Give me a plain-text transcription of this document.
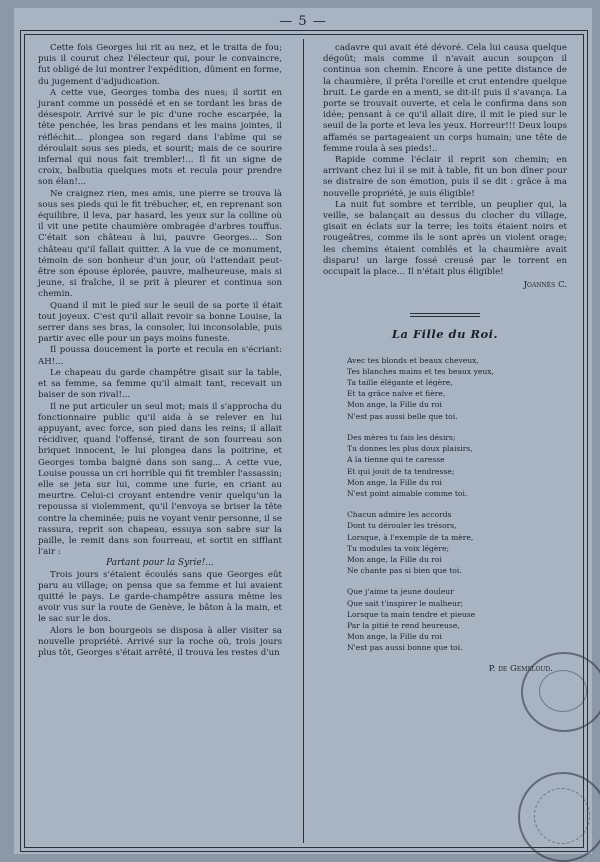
— 5 —

Cette fois Georges lui rit au nez, et le traita de fou; puis il courut chez l'électeur qui, pour le convaincre, fut obligé de lui montrer l'expédition, dûment en forme, du jugement d'adjudication.

A cette vue, Georges tomba des nues; il sortit en jurant comme un possédé et en se tordant les bras de désespoir. Arrivé sur le pic d'une roche escarpée, la tête penchée, les bras pendans et les mains jointes, il réfléchit... plongea son regard dans l'abîme qui se déroulait sous ses pieds, et sourit; mais de ce sourire infernal qui nous fait trembler!... Il fit un signe de croix, balbutia quelques mots et recula pour prendre son élan!...

Ne craignez rien, mes amis, une pierre se trouva là sous ses pieds qui le fit trébucher, et, en reprenant son équilibre, il leva, par hasard, les yeux sur la colline où il vit une petite chaumière ombragée d'arbres touffus. C'était son château à lui, pauvre Georges... Son château qu'il fallait quitter. A la vue de ce monument, témoin de son bonheur d'un jour, où l'attendait peut-être son épouse éplorée, pauvre, malheureuse, mais si jeune, si fraîche, il se prit à pleurer et continua son chemin.

Quand il mit le pied sur le seuil de sa porte il était tout joyeux. C'est qu'il allait revoir sa bonne Louise, la serrer dans ses bras, la consoler, lui inconsolable, puis partir avec elle pour un pays moins funeste.

Il poussa doucement la porte et recula en s'écriant: AH!...

Le chapeau du garde champêtre gisait sur la table, et sa femme, sa femme qu'il aimait tant, recevait un baiser de son rival!...

Il ne put articuler un seul mot; mais il s'approcha du fonctionnaire public qu'il aida à se relever en lui appuyant, avec force, son pied dans les reins; il allait récidiver, quand l'offensé, tirant de son fourreau son briquet innocent, le lui plongea dans la poitrine, et Georges tomba baigné dans son sang... A cette vue, Louise poussa un cri horrible qui fit trembler l'assassin; elle se jeta sur lui, comme une furie, en criant au meurtre. Celui-ci croyant entendre venir quelqu'un la repoussa si violemment, qu'il l'envoya se briser la tête contre la cheminée; puis ne voyant venir personne, il se rassura, reprit son chapeau, essuya son sabre sur la paille, le remit dans son fourreau, et sortit en sifflant l'air :

Partant pour la Syrie!...

Trois jours s'étaient écoulés sans que Georges eût paru au village; on pensa que sa femme et lui avaient quitté le pays. Le garde-champêtre assura même les avoir vus sur la route de Genève, le bâton à la main, et le sac sur le dos.

Alors le bon bourgeois se disposa à aller visiter sa nouvelle propriété. Arrivé sur la roche où, trois jours plus tôt, Georges s'était arrêté, il trouva les restes d'un

cadavre qui avait été dévoré. Cela lui causa quelque dégoût; mais comme il n'avait aucun soupçon il continua son chemin. Encore à une petite distance de la chaumière, il prêta l'oreille et crut entendre quelque bruit. Le garde en a menti, se dit-il! puis il s'avança. La porte se trouvait ouverte, et cela le confirma dans son idée; pensant à ce qu'il allait dire, il mit le pied sur le seuil de la porte et leva les yeux. Horreur!!! Deux loups affamés se partageaient un corps humain; une tête de femme roula à ses pieds!..

Rapide comme l'éclair il reprit son chemin; en arrivant chez lui il se mit à table, fit un bon dîner pour se distraire de son émotion, puis il se dit : grâce à ma nouvelle propriété, je suis éligible!

La nuit fut sombre et terrible, un peuplier qui, la veille, se balançait au dessus du clocher du village, gisait en éclats sur la terre; les toits étaient noirs et rougeâtres, comme ils le sont après un violent orage; les chemins étaient comblés et la chaumière avait disparu! un large fossé creusé par le torrent en occupait la place... Il n'était plus éligible!

Joannès C.

La Fille du Roi.
Avec tes blonds et beaux cheveux,
Tes blanches mains et tes beaux yeux,
Ta taille élégante et légère,
Et ta grâce naïve et fière,
Mon ange, la Fille du roi
N'est pas aussi belle que toi.
Des mères tu fais les désirs;
Tu donnes les plus doux plaisirs,
A la tienne qui te caresse
Et qui jouit de ta tendresse;
Mon ange, la Fille du roi
N'est point aimable comme toi.
Chacun admire les accords
Dont tu dérouler les trésors,
Lorsque, à l'exemple de ta mère,
Tu modules ta voix légère;
Mon ange, la Fille du roi
Ne chante pas si bien que toi.
Que j'aime ta jeune douleur
Que sait t'inspirer le malheur;
Lorsque ta main tendre et pieuse
Par la pitié te rend heureuse,
Mon ange, la Fille du roi
N'est pas aussi bonne que toi.
P. de Gemsloud.
